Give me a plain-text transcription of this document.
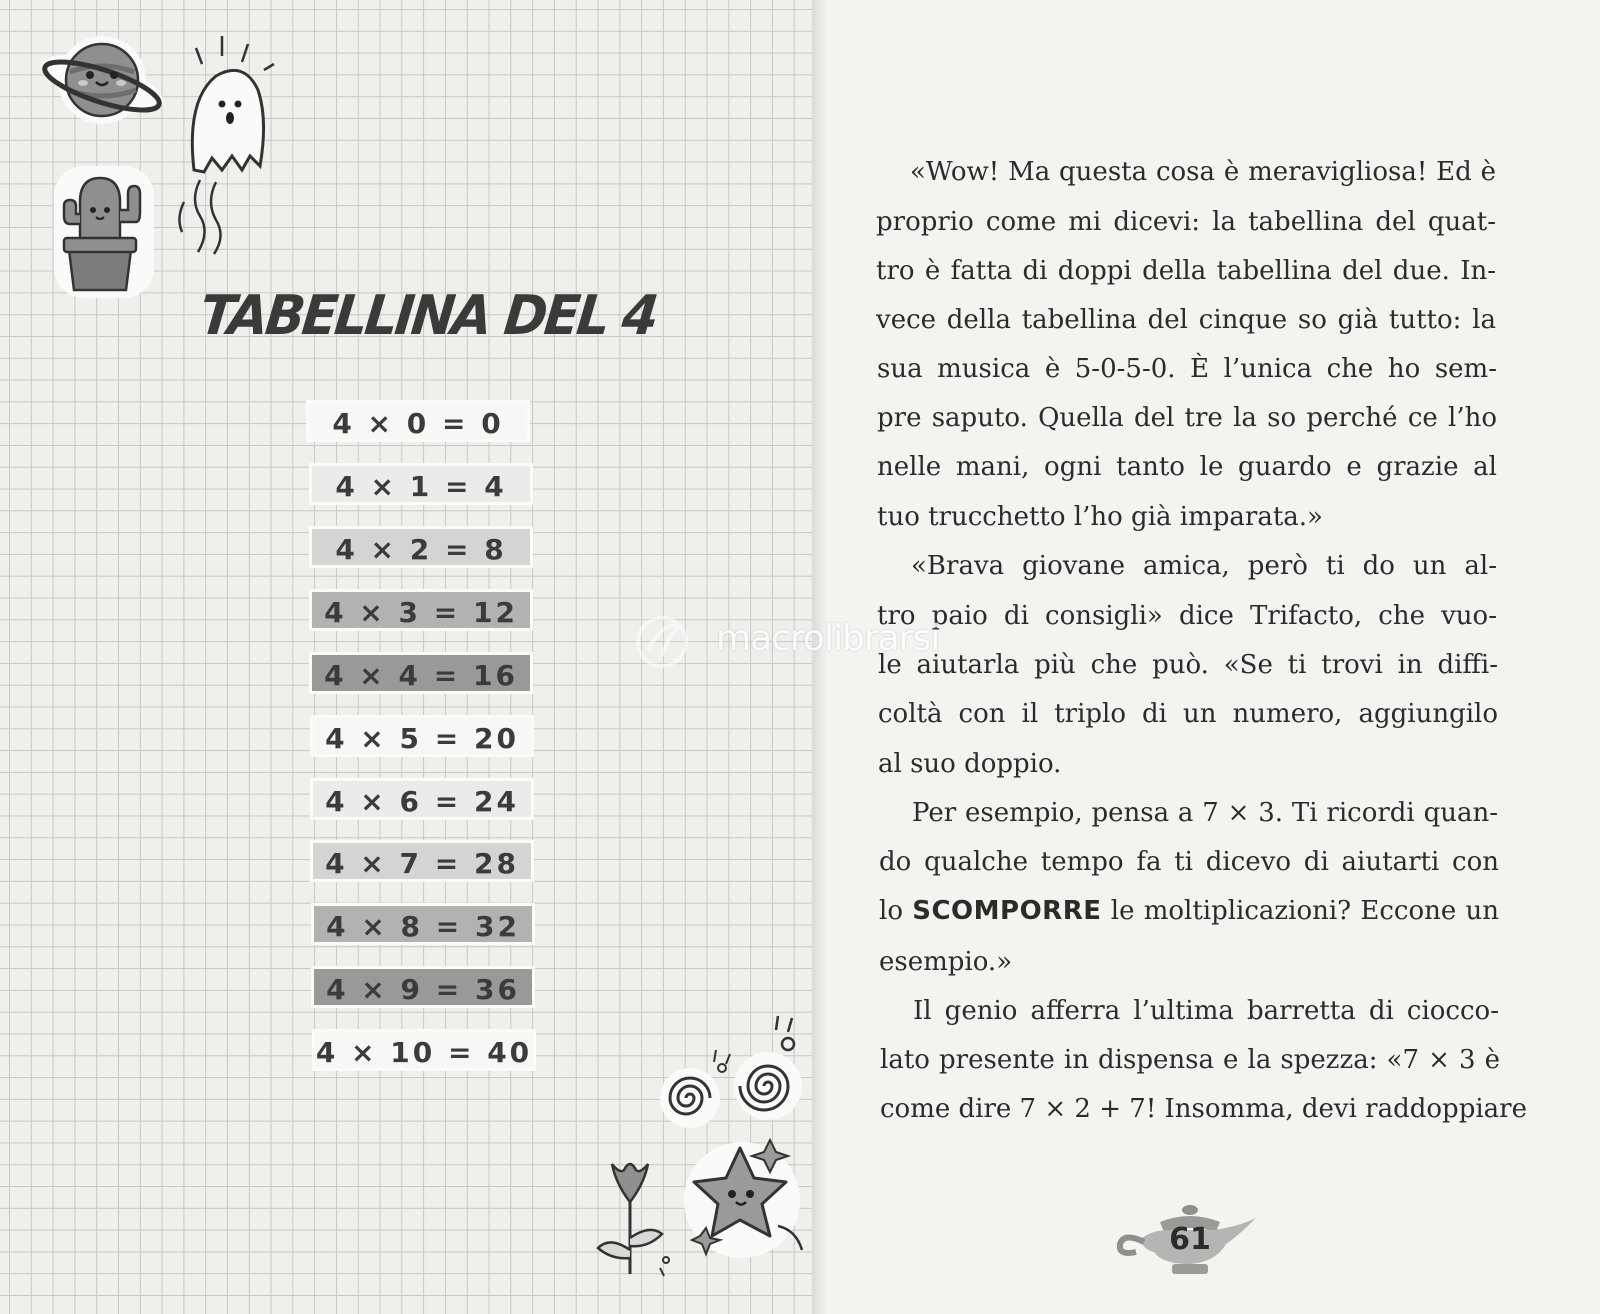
TABELLINA DEL 4
4 × 0 = 0
4 × 1 = 4
4 × 2 = 8
4 × 3 = 12
4 × 4 = 16
4 × 5 = 20
4 × 6 = 24
4 × 7 = 28
4 × 8 = 32
4 × 9 = 36
4 × 10 = 40

«Wow! Ma questa cosa è meravigliosa! Ed è

proprio come mi dicevi: la tabellina del quat-

tro è fatta di doppi della tabellina del due. In-

vece della tabellina del cinque so già tutto: la

sua musica è 5-0-5-0. È l’unica che ho sem-

pre saputo. Quella del tre la so perché ce l’ho

nelle mani, ogni tanto le guardo e grazie al

tuo trucchetto l’ho già imparata.»

«Brava giovane amica, però ti do un al-

tro paio di consigli» dice Trifacto, che vuo-

le aiutarla più che può. «Se ti trovi in diffi-

coltà con il triplo di un numero, aggiungilo

al suo doppio.

Per esempio, pensa a 7 × 3. Ti ricordi quan-

do qualche tempo fa ti dicevo di aiutarti con

lo SCOMPORRE le moltiplicazioni? Eccone un

esempio.»

Il genio afferra l’ultima barretta di ciocco-

lato presente in dispensa e la spezza: «7 × 3 è

come dire 7 × 2 + 7! Insomma, devi raddoppiare

macrolibrarsi

61
